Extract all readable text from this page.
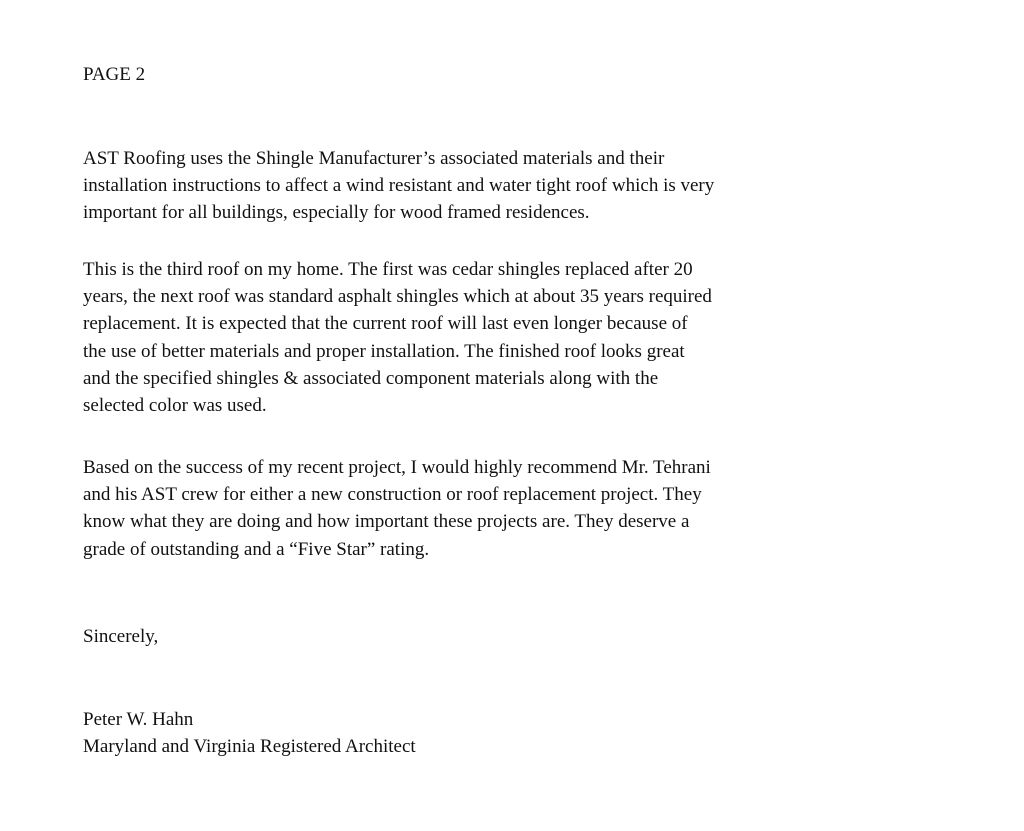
PAGE 2

AST Roofing uses the Shingle Manufacturer’s associated materials and their
installation instructions to affect a wind resistant and water tight roof which is very
important for all buildings, especially for wood framed residences.

This is the third roof on my home. The first was cedar shingles replaced after 20
years, the next roof was standard asphalt shingles which at about 35 years required
replacement. It is expected that the current roof will last even longer because of
the use of better materials and proper installation. The finished roof looks great
and the specified shingles & associated component materials along with the
selected color was used.

Based on the success of my recent project, I would highly recommend Mr. Tehrani
and his AST crew for either a new construction or roof replacement project. They
know what they are doing and how important these projects are. They deserve a
grade of outstanding and a “Five Star” rating.

Sincerely,
Peter W. Hahn
Maryland and Virginia Registered Architect
